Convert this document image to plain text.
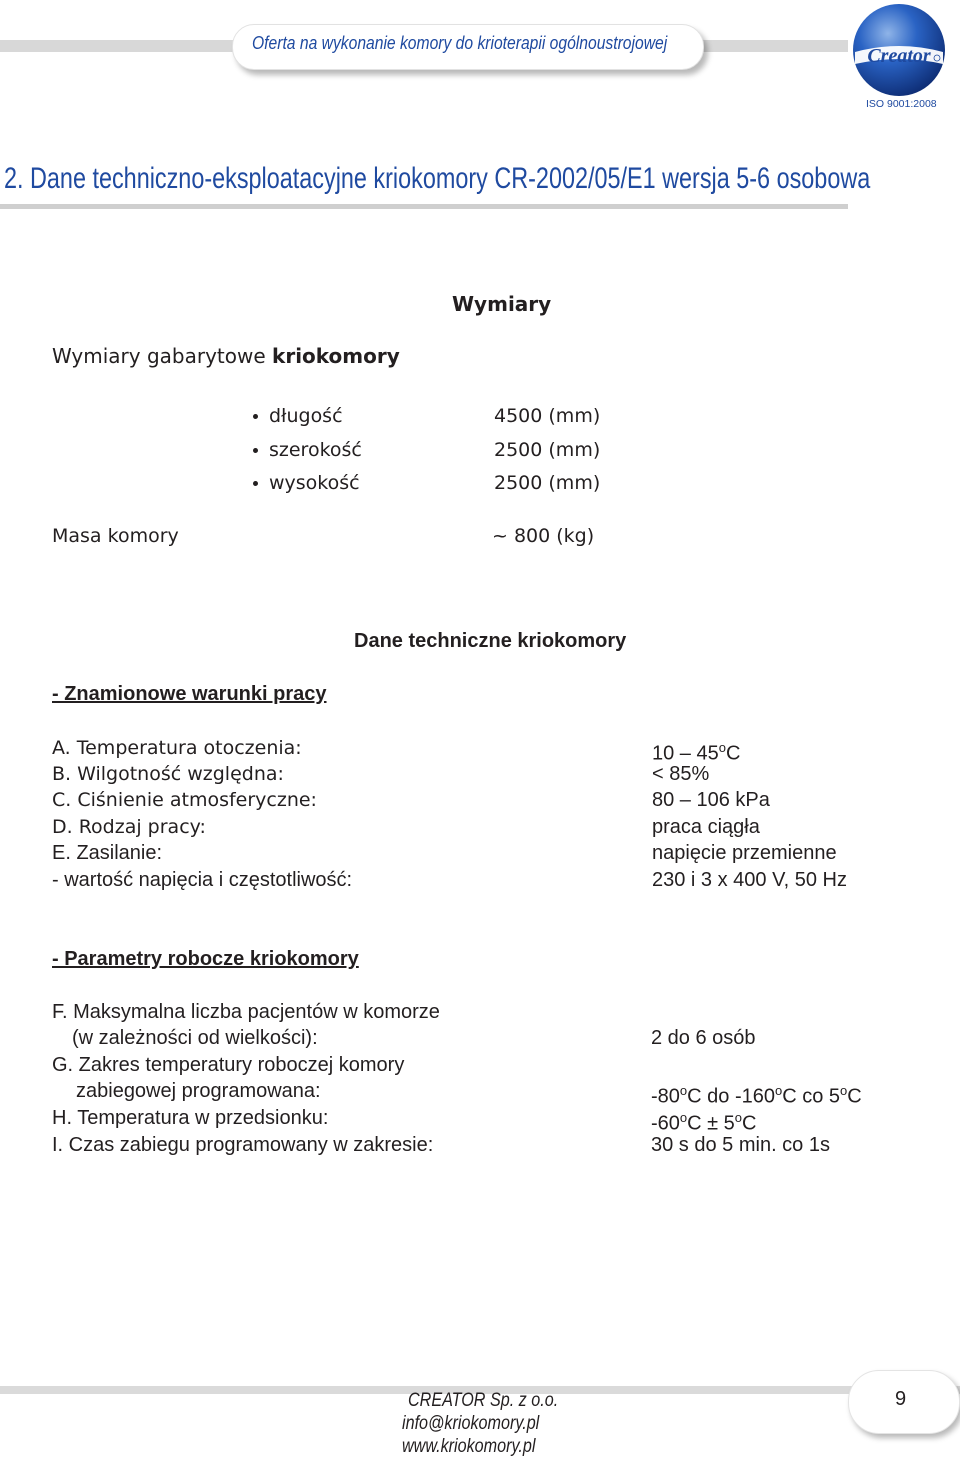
Oferta na wykonanie komory do krioterapii ogólnoustrojowej
Creator
ISO 9001:2008
2. Dane techniczno-eksploatacyjne kriokomory CR-2002/05/E1 wersja 5-6 osobowa
Wymiary
Wymiary gabarytowe kriokomory
długość	4500 (mm)
szerokość	2500 (mm)
wysokość	2500 (mm)
Masa komory	~ 800 (kg)
Dane techniczne kriokomory
- Znamionowe warunki pracy
A. Temperatura otoczenia:	10 – 45$^o$C
B. Wilgotność względna:	< 85%
C. Ciśnienie atmosferyczne:	80 – 106 kPa
D. Rodzaj pracy:	praca ciągła
E. Zasilanie:	napięcie przemienne
- wartość napięcia i częstotliwość:	230 i 3 x 400 V, 50 Hz
- Parametry robocze kriokomory
F. Maksymalna liczba pacjentów w komorze
(w zależności od wielkości):	2 do 6 osób
G. Zakres temperatury roboczej komory
zabiegowej programowana:	-80$^o$C do -160$^o$C co 5$^o$C
H. Temperatura w przedsionku:	$-60^oC \pm 5^oC$
I. Czas zabiegu programowany w zakresie:	30 s do 5 min. co 1s
9
CREATOR Sp. z o.o.
info@kriokomory.pl
www.kriokomory.pl
